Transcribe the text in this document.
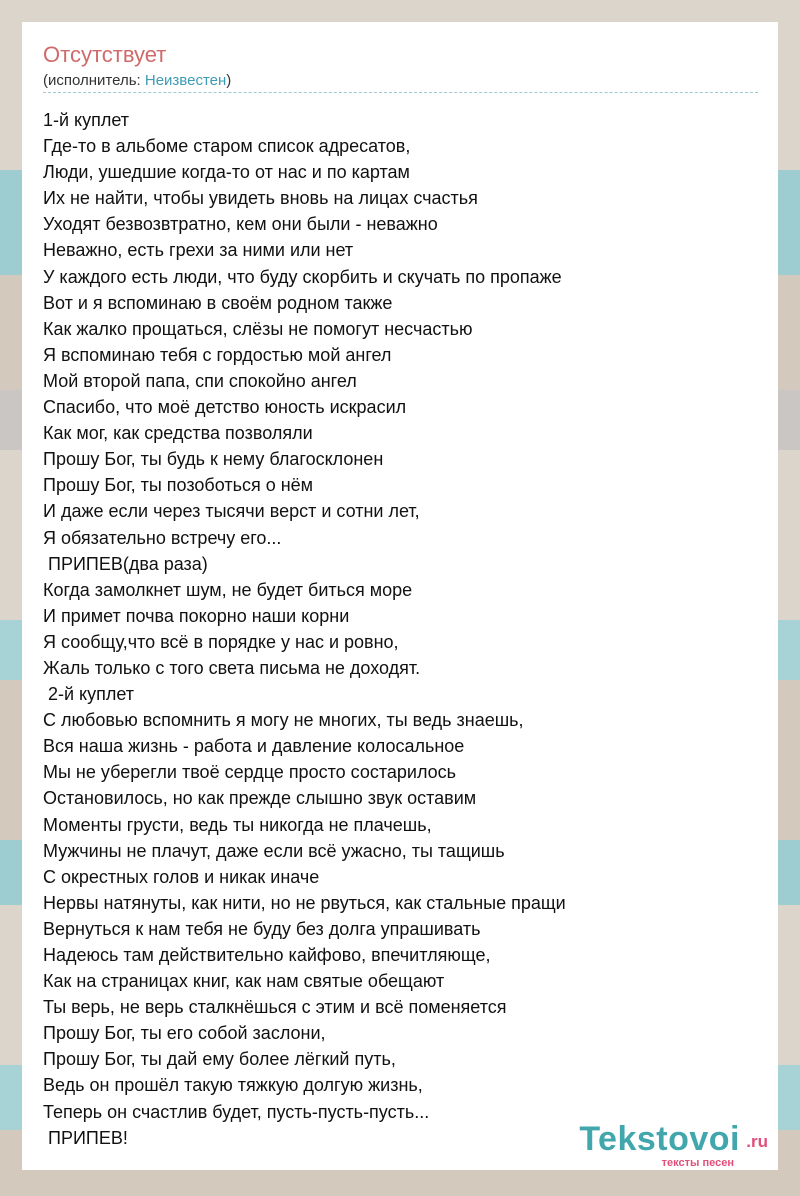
Отсутствует
(исполнитель: Неизвестен)
1-й куплет
Где-то в альбоме старом список адресатов,
Люди, ушедшие когда-то от нас и по картам
Их не найти, чтобы увидеть вновь на лицах счастья
Уходят безвозвтратно, кем они были - неважно
Неважно, есть грехи за ними или нет
У каждого есть люди, что буду скорбить и скучать по пропаже
Вот и я вспоминаю в своём родном также
Как жалко прощаться, слёзы не помогут несчастью
Я вспоминаю тебя с гордостью мой ангел
Мой второй папа, спи спокойно ангел
Спасибо, что моё детство юность искрасил
Как мог, как средства позволяли
Прошу Бог, ты будь к нему благосклонен
Прошу Бог, ты позоботься о нём
И даже если через тысячи верст и сотни лет,
Я обязательно встречу его...
ПРИПЕВ(два раза)
Когда замолкнет шум, не будет биться море
И примет почва покорно наши корни
Я сообщу,что всё в порядке у нас и ровно,
Жаль только с того света письма не доходят.
2-й куплет
С любовью вспомнить я могу не многих, ты ведь знаешь,
Вся наша жизнь - работа и давление колосальное
Мы не уберегли твоё сердце просто состарилось
Остановилось, но как прежде слышно звук оставим
Моменты грусти, ведь ты никогда не плачешь,
Мужчины не плачут, даже если всё ужасно, ты тащишь
С окрестных голов и никак иначе
Нервы натянуты, как нити, но не рвуться, как стальные пращи
Вернуться к нам тебя не буду без долга упрашивать
Надеюсь там действительно кайфово, впечитляюще,
Как на страницах книг, как нам святые обещают
Ты верь, не верь сталкнёшься с этим и всё поменяется
Прошу Бог, ты его собой заслони,
Прошу Бог, ты дай ему более лёгкий путь,
Ведь он прошёл такую тяжкую долгую жизнь,
Теперь он счастлив будет, пусть-пусть-пусть...
ПРИПЕВ!	Tekstovoi .ru
тексты песен
